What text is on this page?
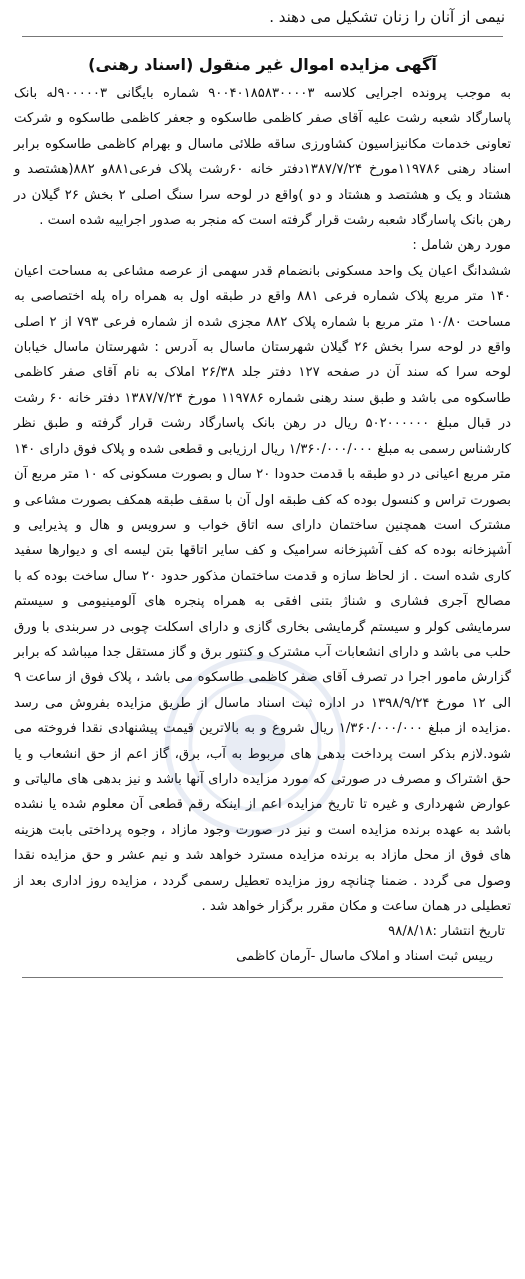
نیمی از آنان را زنان تشکیل می دهند .
آگهی مزایده اموال غیر منقول (اسناد رهنی)

به موجب پرونده اجرایی کلاسه ۹۰۰۴۰۱۸۵۸۳۰۰۰۰۳ شماره بایگانی ۹۰۰۰۰۰۳له بانک پاسارگاد شعبه رشت علیه آقای صفر کاظمی طاسکوه و جعفر کاظمی طاسکوه و شرکت تعاونی خدمات مکانیزاسیون کشاورزی ساقه طلائی ماسال و بهرام کاظمی طاسکوه برابر اسناد رهنی ۱۱۹۷۸۶مورخ ۱۳۸۷/۷/۲۴دفتر خانه ۶۰رشت پلاک فرعی۸۸۱و ۸۸۲(هشتصد و هشتاد و یک و هشتصد و هشتاد و دو )واقع در لوحه سرا سنگ اصلی ۲ بخش ۲۶ گیلان در رهن بانک پاسارگاد شعبه رشت قرار گرفته است که منجر به صدور اجراییه شده است .

مورد رهن شامل :

ششدانگ اعیان یک واحد مسکونی بانضمام قدر سهمی از عرصه مشاعی به مساحت اعیان ۱۴۰ متر مربع پلاک شماره فرعی ۸۸۱ واقع در طبقه اول به همراه راه پله اختصاصی به مساحت ۱۰/۸۰ متر مربع با شماره پلاک ۸۸۲ مجزی شده از شماره فرعی ۷۹۳ از ۲ اصلی واقع در لوحه سرا بخش ۲۶ گیلان شهرستان ماسال به آدرس : شهرستان ماسال خیابان لوحه سرا که سند آن در صفحه ۱۲۷ دفتر جلد ۲۶/۳۸ املاک به نام آقای صفر کاظمی طاسکوه می باشد و طبق سند رهنی شماره ۱۱۹۷۸۶ مورخ ۱۳۸۷/۷/۲۴ دفتر خانه ۶۰ رشت در قبال مبلغ ۵۰۲۰۰۰۰۰۰ ریال در رهن بانک پاسارگاد رشت قرار گرفته و طبق نظر کارشناس رسمی به مبلغ ۱/۳۶۰/۰۰۰/۰۰۰ ریال ارزیابی و قطعی شده و پلاک فوق دارای ۱۴۰ متر مربع اعیانی در دو طبقه با قدمت حدودا ۲۰ سال و بصورت مسکونی که ۱۰ متر مربع آن بصورت تراس و کنسول بوده که کف طبقه اول آن با سقف طبقه همکف بصورت مشاعی و مشترک است همچنین ساختمان دارای سه اتاق خواب و سرویس و هال و پذیرایی و آشپزخانه بوده که کف آشپزخانه سرامیک و کف سایر اتاقها بتن لیسه ای و دیوارها سفید کاری شده است . از لحاظ سازه و قدمت ساختمان مذکور حدود ۲۰ سال ساخت بوده که با مصالح آجری فشاری و شناژ بتنی افقی به همراه پنجره های آلومینیومی و سیستم سرمایشی کولر و سیستم گرمایشی بخاری گازی و دارای اسکلت چوبی در سربندی با ورق حلب می باشد و دارای انشعابات آب مشترک و کنتور برق و گاز مستقل جدا میباشد که برابر گزارش مامور اجرا در تصرف آقای صفر کاظمی طاسکوه می باشد ، پلاک فوق از ساعت ۹ الی ۱۲ مورخ ۱۳۹۸/۹/۲۴ در اداره ثبت اسناد ماسال از طریق مزایده بفروش می رسد .مزایده از مبلغ ۱/۳۶۰/۰۰۰/۰۰۰ ریال شروع و به بالاترین قیمت پیشنهادی نقدا فروخته می شود.لازم بذکر است پرداخت بدهی های مربوط به آب، برق، گاز اعم از حق انشعاب و یا حق اشتراک و مصرف در صورتی که مورد مزایده دارای آنها باشد و نیز بدهی های مالیاتی و عوارض شهرداری و غیره تا تاریخ مزایده اعم از اینکه رقم قطعی آن معلوم شده یا نشده باشد به عهده برنده مزایده است و نیز در صورت وجود مازاد ، وجوه پرداختی بابت هزینه های فوق از محل مازاد به برنده مزایده مسترد خواهد شد و نیم عشر و حق مزایده نقدا وصول می گردد . ضمنا چنانچه روز مزایده تعطیل رسمی گردد ، مزایده روز اداری بعد از تعطیلی در همان ساعت و مکان مقرر برگزار خواهد شد .

تاریخ انتشار :۹۸/۸/۱۸
رییس ثبت اسناد و املاک ماسال -آرمان کاظمی
